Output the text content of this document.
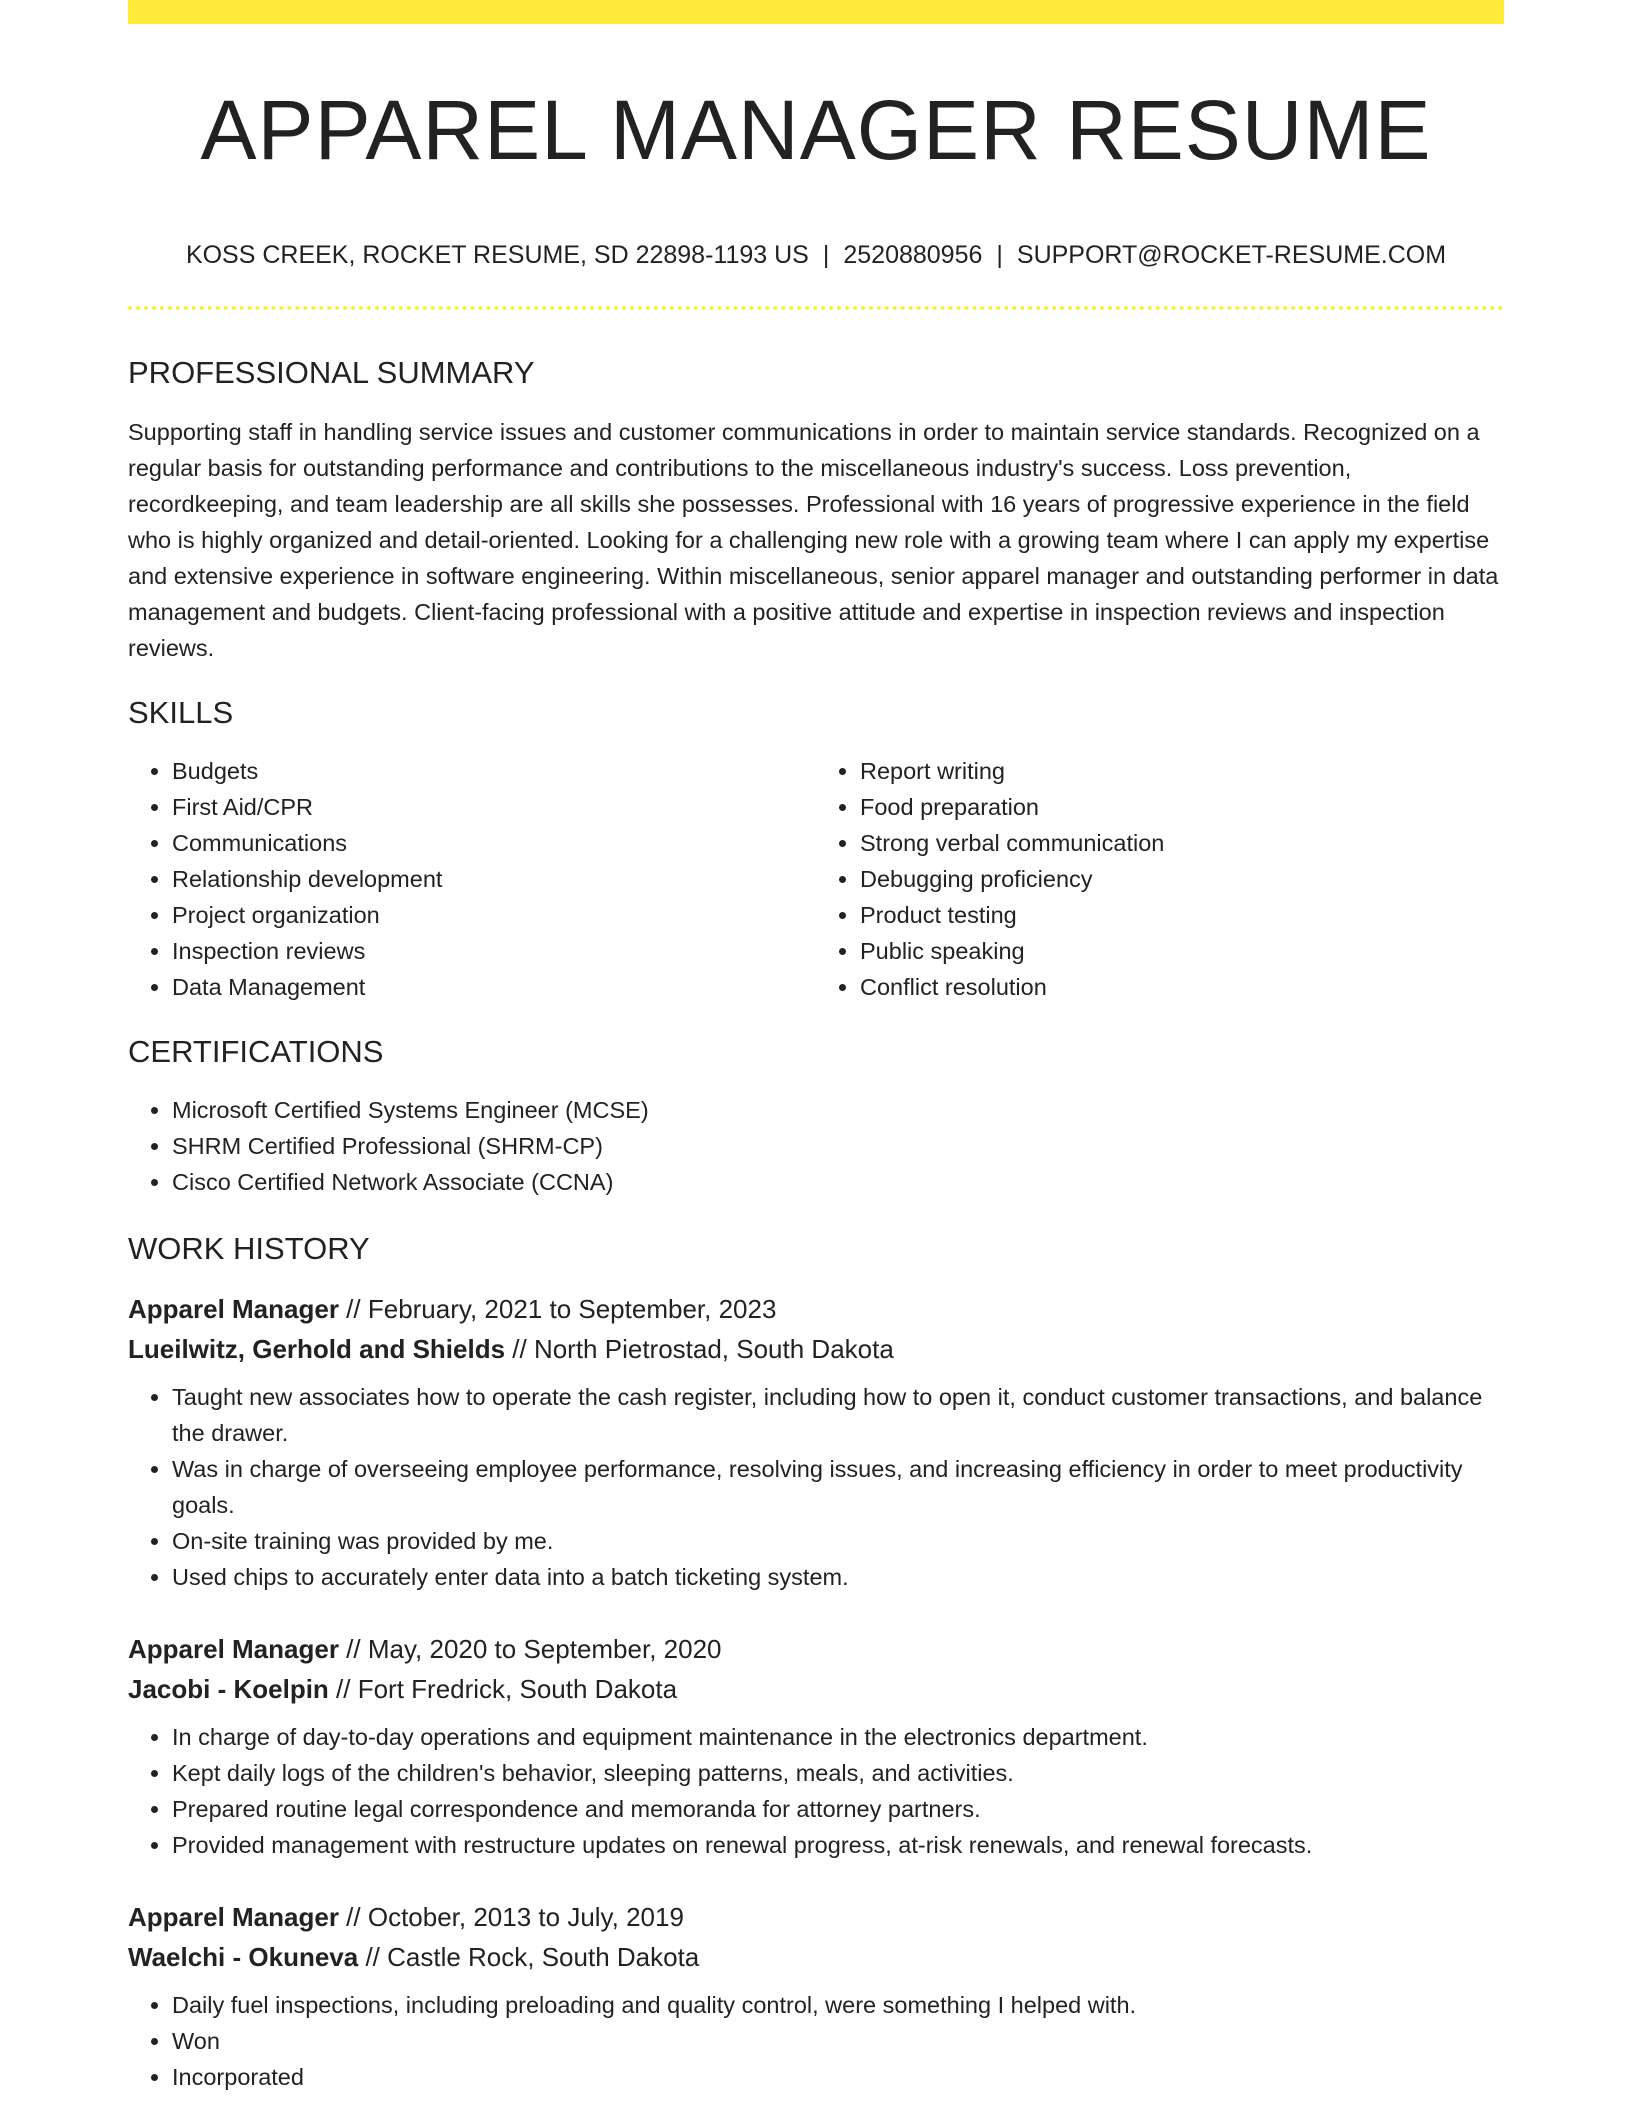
APPAREL MANAGER RESUME
KOSS CREEK, ROCKET RESUME, SD 22898-1193 US | 2520880956 | SUPPORT@ROCKET-RESUME.COM
PROFESSIONAL SUMMARY

Supporting staff in handling service issues and customer communications in order to maintain service standards. Recognized on a regular basis for outstanding performance and contributions to the miscellaneous industry's success. Loss prevention, recordkeeping, and team leadership are all skills she possesses. Professional with 16 years of progressive experience in the field who is highly organized and detail-oriented. Looking for a challenging new role with a growing team where I can apply my expertise and extensive experience in software engineering. Within miscellaneous, senior apparel manager and outstanding performer in data management and budgets. Client-facing professional with a positive attitude and expertise in inspection reviews and inspection reviews.

SKILLS
• Budgets
• First Aid/CPR
• Communications
• Relationship development
• Project organization
• Inspection reviews
• Data Management
• Report writing
• Food preparation
• Strong verbal communication
• Debugging proficiency
• Product testing
• Public speaking
• Conflict resolution
CERTIFICATIONS
• Microsoft Certified Systems Engineer (MCSE)
• SHRM Certified Professional (SHRM-CP)
• Cisco Certified Network Associate (CCNA)
WORK HISTORY
Apparel Manager // February, 2021 to September, 2023
Lueilwitz, Gerhold and Shields // North Pietrostad, South Dakota
• Taught new associates how to operate the cash register, including how to open it, conduct customer transactions, and balance the drawer.
• Was in charge of overseeing employee performance, resolving issues, and increasing efficiency in order to meet productivity goals.
• On-site training was provided by me.
• Used chips to accurately enter data into a batch ticketing system.
Apparel Manager // May, 2020 to September, 2020
Jacobi - Koelpin // Fort Fredrick, South Dakota
• In charge of day-to-day operations and equipment maintenance in the electronics department.
• Kept daily logs of the children's behavior, sleeping patterns, meals, and activities.
• Prepared routine legal correspondence and memoranda for attorney partners.
• Provided management with restructure updates on renewal progress, at-risk renewals, and renewal forecasts.
Apparel Manager // October, 2013 to July, 2019
Waelchi - Okuneva // Castle Rock, South Dakota
• Daily fuel inspections, including preloading and quality control, were something I helped with.
• Won
• Incorporated
